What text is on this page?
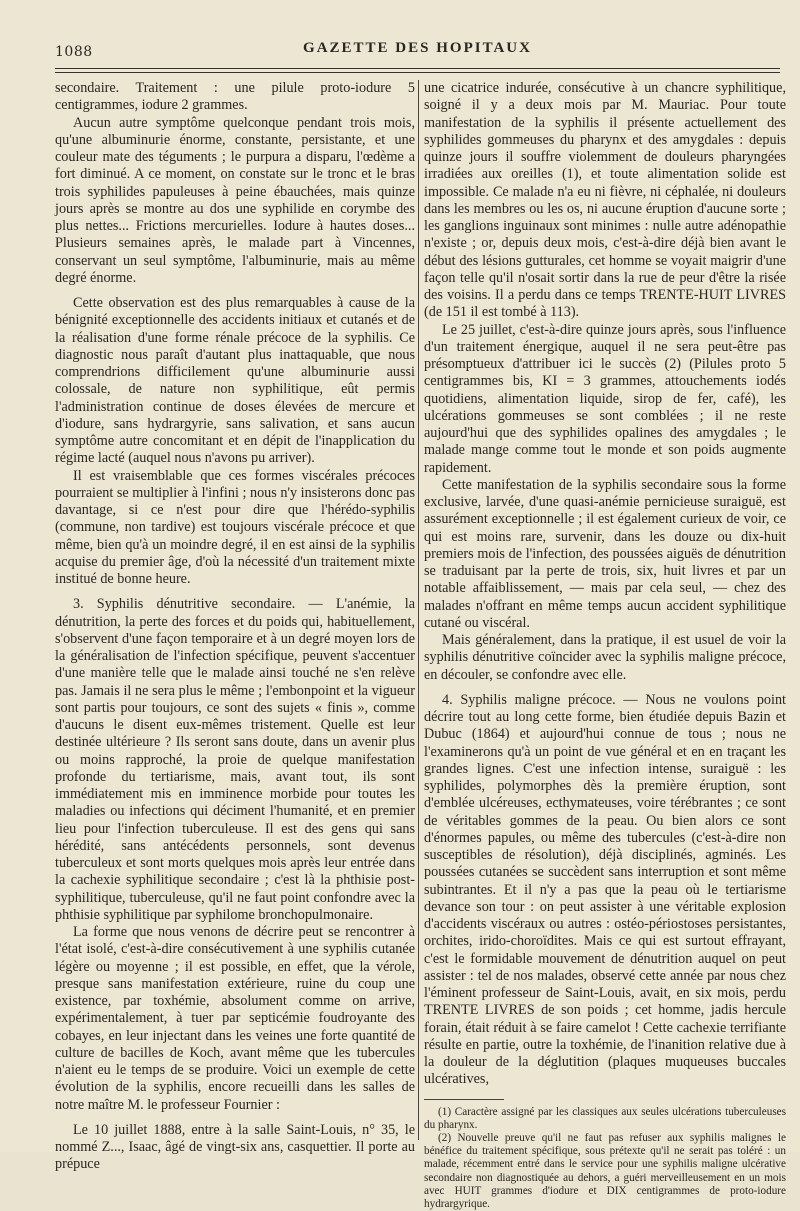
1088	GAZETTE DES HOPITAUX

secondaire. Traitement : une pilule proto-iodure 5 centigrammes, iodure 2 grammes.

Aucun autre symptôme quelconque pendant trois mois, qu'une albuminurie énorme, constante, persistante, et une couleur mate des téguments ; le purpura a disparu, l'œdème a fort diminué. A ce moment, on constate sur le tronc et le bras trois syphilides papuleuses à peine ébauchées, mais quinze jours après se montre au dos une syphilide en corymbe des plus nettes... Frictions mercurielles. Iodure à hautes doses... Plusieurs semaines après, le malade part à Vincennes, conservant un seul symptôme, l'albuminurie, mais au même degré énorme.

Cette observation est des plus remarquables à cause de la bénignité exceptionnelle des accidents initiaux et cutanés et de la réalisation d'une forme rénale précoce de la syphilis. Ce diagnostic nous paraît d'autant plus inattaquable, que nous comprendrions difficilement qu'une albuminurie aussi colossale, de nature non syphilitique, eût permis l'administration continue de doses élevées de mercure et d'iodure, sans hydrargyrie, sans salivation, et sans aucun symptôme autre concomitant et en dépit de l'inapplication du régime lacté (auquel nous n'avons pu arriver).

Il est vraisemblable que ces formes viscérales précoces pourraient se multiplier à l'infini ; nous n'y insisterons donc pas davantage, si ce n'est pour dire que l'hérédo-syphilis (commune, non tardive) est toujours viscérale précoce et que même, bien qu'à un moindre degré, il en est ainsi de la syphilis acquise du premier âge, d'où la nécessité d'un traitement mixte institué de bonne heure.

3. Syphilis dénutritive secondaire. — L'anémie, la dénutrition, la perte des forces et du poids qui, habituellement, s'observent d'une façon temporaire et à un degré moyen lors de la généralisation de l'infection spécifique, peuvent s'accentuer d'une manière telle que le malade ainsi touché ne s'en relève pas. Jamais il ne sera plus le même ; l'embonpoint et la vigueur sont partis pour toujours, ce sont des sujets « finis », comme d'aucuns le disent eux-mêmes tristement. Quelle est leur destinée ultérieure ? Ils seront sans doute, dans un avenir plus ou moins rapproché, la proie de quelque manifestation profonde du tertiarisme, mais, avant tout, ils sont immédiatement mis en imminence morbide pour toutes les maladies ou infections qui déciment l'humanité, et en premier lieu pour l'infection tuberculeuse. Il est des gens qui sans hérédité, sans antécédents personnels, sont devenus tuberculeux et sont morts quelques mois après leur entrée dans la cachexie syphilitique secondaire ; c'est là la phthisie post-syphilitique, tuberculeuse, qu'il ne faut point confondre avec la phthisie syphilitique par syphilome bronchopulmonaire.

La forme que nous venons de décrire peut se rencontrer à l'état isolé, c'est-à-dire consécutivement à une syphilis cutanée légère ou moyenne ; il est possible, en effet, que la vérole, presque sans manifestation extérieure, ruine du coup une existence, par toxhémie, absolument comme on arrive, expérimentalement, à tuer par septicémie foudroyante des cobayes, en leur injectant dans les veines une forte quantité de culture de bacilles de Koch, avant même que les tubercules n'aient eu le temps de se produire. Voici un exemple de cette évolution de la syphilis, encore recueilli dans les salles de notre maître M. le professeur Fournier :

Le 10 juillet 1888, entre à la salle Saint-Louis, n° 35, le nommé Z..., Isaac, âgé de vingt-six ans, casquettier. Il porte au prépuce

une cicatrice indurée, consécutive à un chancre syphilitique, soigné il y a deux mois par M. Mauriac. Pour toute manifestation de la syphilis il présente actuellement des syphilides gommeuses du pharynx et des amygdales : depuis quinze jours il souffre violemment de douleurs pharyngées irradiées aux oreilles (1), et toute alimentation solide est impossible. Ce malade n'a eu ni fièvre, ni céphalée, ni douleurs dans les membres ou les os, ni aucune éruption d'aucune sorte ; les ganglions inguinaux sont minimes : nulle autre adénopathie n'existe ; or, depuis deux mois, c'est-à-dire déjà bien avant le début des lésions gutturales, cet homme se voyait maigrir d'une façon telle qu'il n'osait sortir dans la rue de peur d'être la risée des voisins. Il a perdu dans ce temps TRENTE-HUIT LIVRES (de 151 il est tombé à 113).

Le 25 juillet, c'est-à-dire quinze jours après, sous l'influence d'un traitement énergique, auquel il ne sera peut-être pas présomptueux d'attribuer ici le succès (2) (Pilules proto 5 centigrammes bis, KI = 3 grammes, attouchements iodés quotidiens, alimentation liquide, sirop de fer, café), les ulcérations gommeuses se sont comblées ; il ne reste aujourd'hui que des syphilides opalines des amygdales ; le malade mange comme tout le monde et son poids augmente rapidement.

Cette manifestation de la syphilis secondaire sous la forme exclusive, larvée, d'une quasi-anémie pernicieuse suraiguë, est assurément exceptionnelle ; il est également curieux de voir, ce qui est moins rare, survenir, dans les douze ou dix-huit premiers mois de l'infection, des poussées aiguës de dénutrition se traduisant par la perte de trois, six, huit livres et par un notable affaiblissement, — mais par cela seul, — chez des malades n'offrant en même temps aucun accident syphilitique cutané ou viscéral.

Mais généralement, dans la pratique, il est usuel de voir la syphilis dénutritive coïncider avec la syphilis maligne précoce, en découler, se confondre avec elle.

4. Syphilis maligne précoce. — Nous ne voulons point décrire tout au long cette forme, bien étudiée depuis Bazin et Dubuc (1864) et aujourd'hui connue de tous ; nous ne l'examinerons qu'à un point de vue général et en en traçant les grandes lignes. C'est une infection intense, suraiguë : les syphilides, polymorphes dès la première éruption, sont d'emblée ulcéreuses, ecthymateuses, voire térébrantes ; ce sont de véritables gommes de la peau. Ou bien alors ce sont d'énormes papules, ou même des tubercules (c'est-à-dire non susceptibles de résolution), déjà disciplinés, agminés. Les poussées cutanées se succèdent sans interruption et sont même subintrantes. Et il n'y a pas que la peau où le tertiarisme devance son tour : on peut assister à une véritable explosion d'accidents viscéraux ou autres : ostéo-périostoses persistantes, orchites, irido-choroïdites. Mais ce qui est surtout effrayant, c'est le formidable mouvement de dénutrition auquel on peut assister : tel de nos malades, observé cette année par nous chez l'éminent professeur de Saint-Louis, avait, en six mois, perdu TRENTE LIVRES de son poids ; cet homme, jadis hercule forain, était réduit à se faire camelot ! Cette cachexie terrifiante résulte en partie, outre la toxhémie, de l'inanition relative due à la douleur de la déglutition (plaques muqueuses buccales ulcératives,

(1) Caractère assigné par les classiques aux seules ulcérations tuberculeuses du pharynx.

(2) Nouvelle preuve qu'il ne faut pas refuser aux syphilis malignes le bénéfice du traitement spécifique, sous prétexte qu'il ne serait pas toléré : un malade, récemment entré dans le service pour une syphilis maligne ulcérative secondaire non diagnostiquée au dehors, a guéri merveilleusement en un mois avec HUIT grammes d'iodure et DIX centigrammes de proto-iodure hydrargyrique.
